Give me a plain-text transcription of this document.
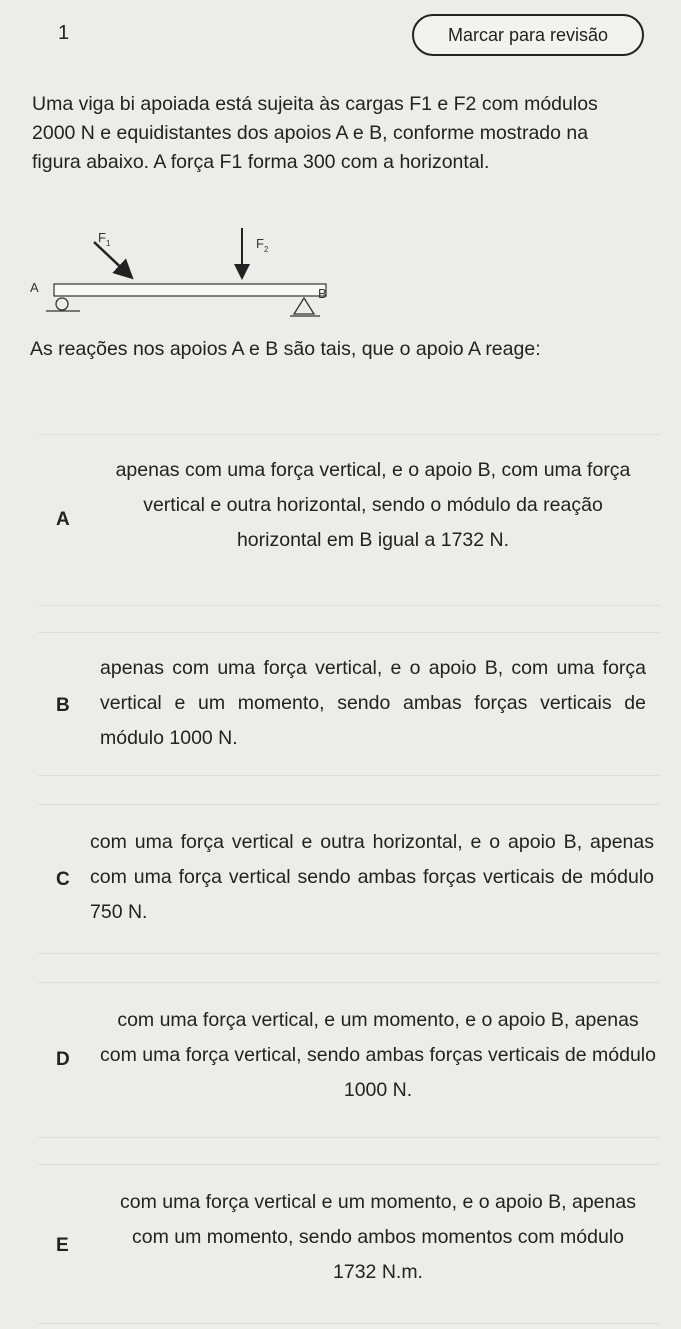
1	Marcar para revisão

Uma viga bi apoiada está sujeita às cargas F1 e F2 com módulos 2000 N e equidistantes dos apoios A e B, conforme mostrado na figura abaixo. A força F1 forma 300 com a horizontal.

$F_1$	$F_2$
A	B

As reações nos apoios A e B são tais, que o apoio A reage:

A
apenas com uma força vertical, e o apoio B, com uma força vertical e outra horizontal, sendo o módulo da reação horizontal em B igual a 1732 N.
B
apenas com uma força vertical, e o apoio B, com uma força vertical e um momento, sendo ambas forças verticais de módulo 1000 N.
C
com uma força vertical e outra horizontal, e o apoio B, apenas com uma força vertical sendo ambas forças verticais de módulo 750 N.
D
com uma força vertical, e um momento, e o apoio B, apenas com uma força vertical, sendo ambas forças verticais de módulo 1000 N.
E
com uma força vertical e um momento, e o apoio B, apenas com um momento, sendo ambos momentos com módulo 1732 N.m.
